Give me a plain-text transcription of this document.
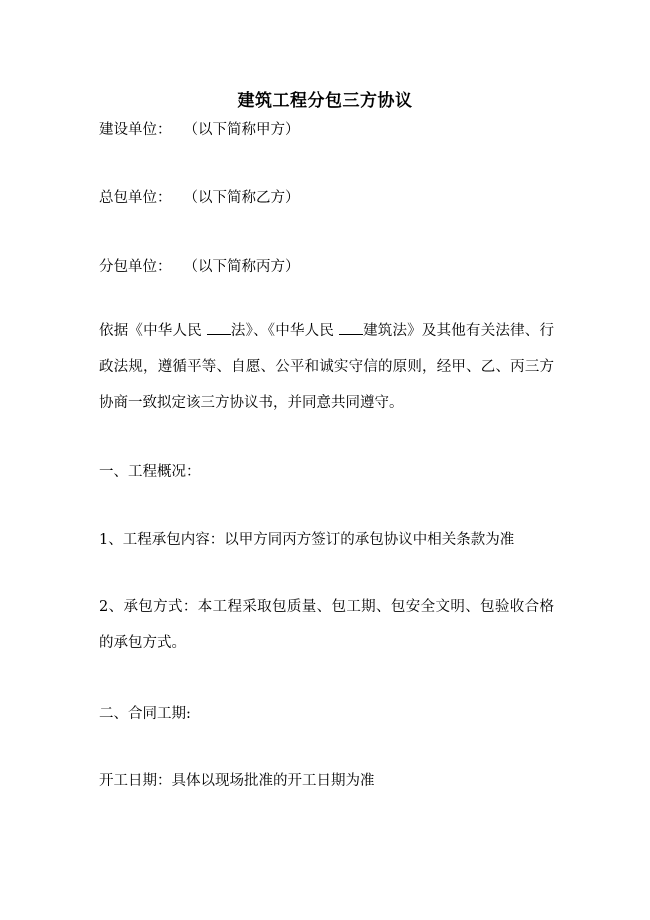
建筑工程分包三方协议
建设单位： （以下简称甲方）
总包单位： （以下简称乙方）
分包单位： （以下简称丙方）
依据《中华人民 法》、《中华人民 建筑法》及其他有关法律、行政法规，遵循平等、自愿、公平和诚实守信的原则，经甲、乙、丙三方协商一致拟定该三方协议书，并同意共同遵守。
一、工程概况：
1、工程承包内容：以甲方同丙方签订的承包协议中相关条款为准
2、承包方式：本工程采取包质量、包工期、包安全文明、包验收合格的承包方式。
二、合同工期:
开工日期：具体以现场批准的开工日期为准
